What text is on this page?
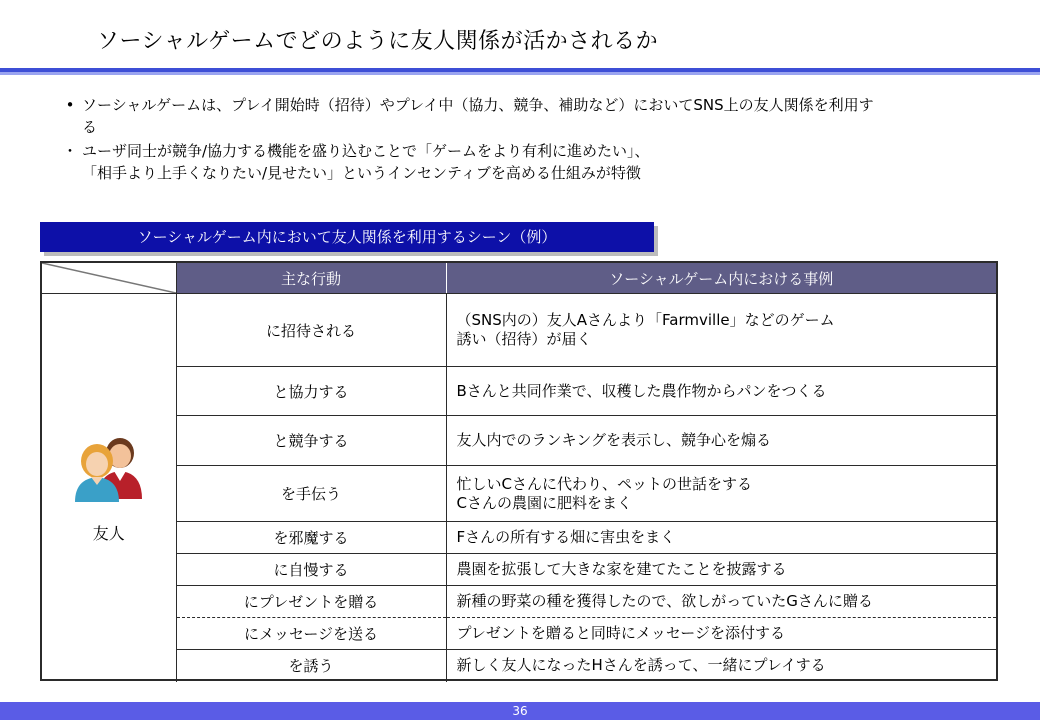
ソーシャルゲームでどのように友人関係が活かされるか
• ソーシャルゲームは、プレイ開始時（招待）やプレイ中（協力、競争、補助など）においてSNS上の友人関係を利用す
る
・ ユーザ同士が競争/協力する機能を盛り込むことで「ゲームをより有利に進めたい」、
「相手より上手くなりたい/見せたい」というインセンティブを高める仕組みが特徴
ソーシャルゲーム内において友人関係を利用するシーン（例）
	主な行動	ソーシャルゲーム内における事例

友人	に招待される	（SNS内の）友人Aさんより「Farmville」などのゲーム
誘い（招待）が届く

	と協力する	Bさんと共同作業で、収穫した農作物からパンをつくる

	と競争する	友人内でのランキングを表示し、競争心を煽る

	を手伝う	忙しいCさんに代わり、ペットの世話をする
Cさんの農園に肥料をまく

	を邪魔する	Fさんの所有する畑に害虫をまく

	に自慢する	農園を拡張して大きな家を建てたことを披露する

	にプレゼントを贈る	新種の野菜の種を獲得したので、欲しがっていたGさんに贈る

	にメッセージを送る	プレゼントを贈ると同時にメッセージを添付する

	を誘う	新しく友人になったHさんを誘って、一緒にプレイする
36
